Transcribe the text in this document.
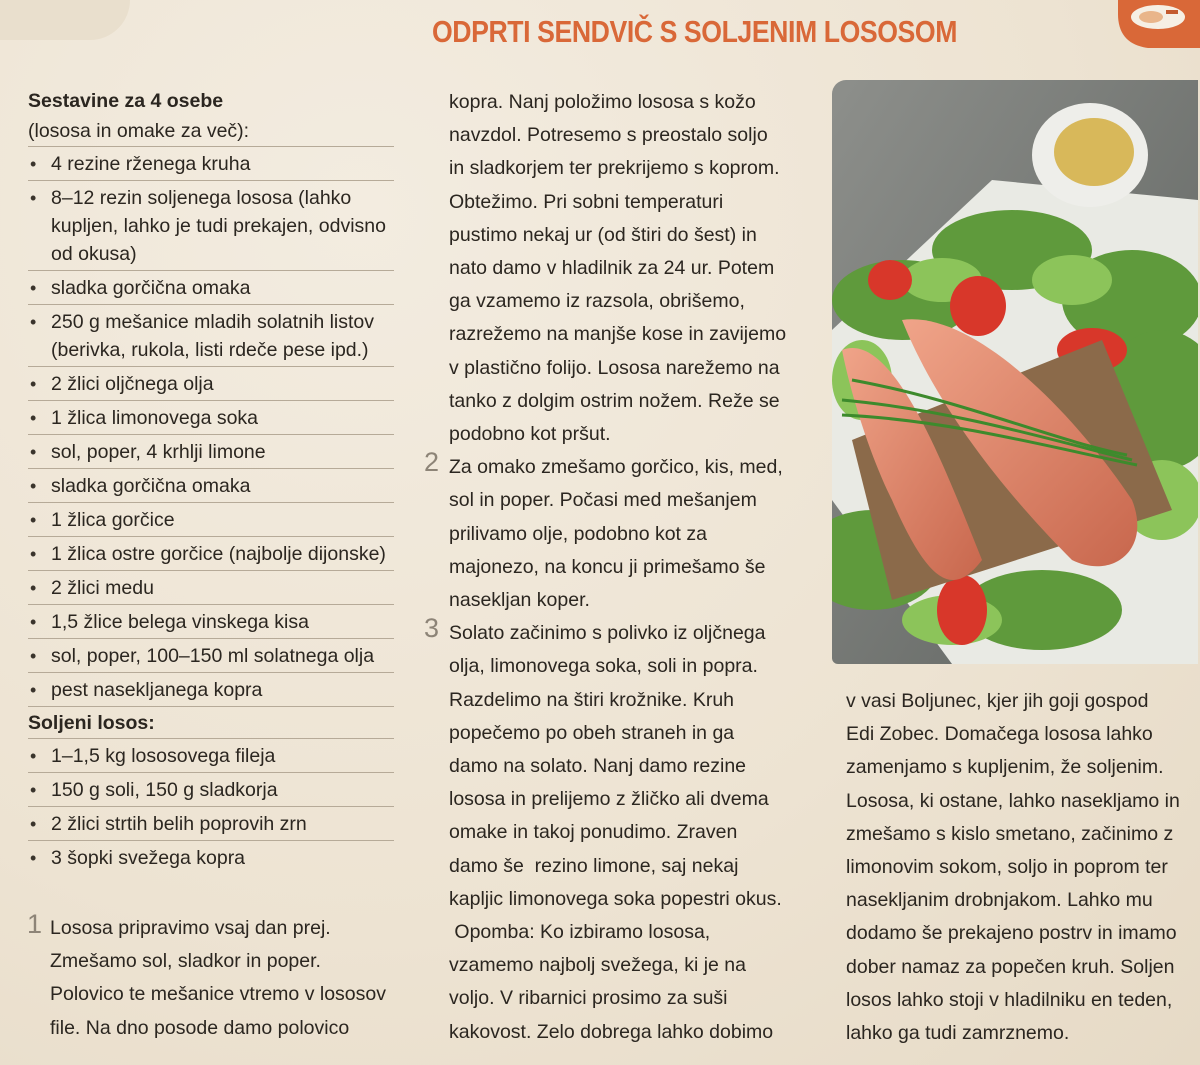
ODPRTI SENDVIČ S SOLJENIM LOSOSOM
Sestavine za 4 osebe
(lososa in omake za več):
• 4 rezine rženega kruha
• 8–12 rezin soljenega lososa (lahko kupljen, lahko je tudi prekajen, odvisno od okusa)
• sladka gorčična omaka
• 250 g mešanice mladih solatnih listov (berivka, rukola, listi rdeče pese ipd.)
• 2 žlici oljčnega olja
• 1 žlica limonovega soka
• sol, poper, 4 krhlji limone
• sladka gorčična omaka
• 1 žlica gorčice
• 1 žlica ostre gorčice (najbolje dijonske)
• 2 žlici medu
• 1,5 žlice belega vinskega kisa
• sol, poper, 100–150 ml solatnega olja
• pest nasekljanega kopra
Soljeni losos:
• 1–1,5 kg lososovega fileja
• 150 g soli, 150 g sladkorja
• 2 žlici strtih belih poprovih zrn
• 3 šopki svežega kopra
1 Lososa pripravimo vsaj dan prej.
Zmešamo sol, sladkor in poper.
Polovico te mešanice vtremo v lososov
file. Na dno posode damo polovico
2
3
kopra. Nanj položimo lososa s kožo
navzdol. Potresemo s preostalo soljo
in sladkorjem ter prekrijemo s koprom.
Obtežimo. Pri sobni temperaturi
pustimo nekaj ur (od štiri do šest) in
nato damo v hladilnik za 24 ur. Potem
ga vzamemo iz razsola, obrišemo,
razrežemo na manjše kose in zavijemo
v plastično folijo. Lososa narežemo na
tanko z dolgim ostrim nožem. Reže se
podobno kot pršut.
Za omako zmešamo gorčico, kis, med,
sol in poper. Počasi med mešanjem
prilivamo olje, podobno kot za
majonezo, na koncu ji primešamo še
nasekljan koper.
Solato začinimo s polivko iz oljčnega
olja, limonovega soka, soli in popra.
Razdelimo na štiri krožnike. Kruh
popečemo po obeh straneh in ga
damo na solato. Nanj damo rezine
lososa in prelijemo z žličko ali dvema
omake in takoj ponudimo. Zraven
damo še  rezino limone, saj nekaj
kapljic limonovega soka popestri okus.
Opomba: Ko izbiramo lososa,
vzamemo najbolj svežega, ki je na
voljo. V ribarnici prosimo za suši
kakovost. Zelo dobrega lahko dobimo
v vasi Boljunec, kjer jih goji gospod
Edi Zobec. Domačega lososa lahko
zamenjamo s kupljenim, že soljenim.
Lososa, ki ostane, lahko nasekljamo in
zmešamo s kislo smetano, začinimo z
limonovim sokom, soljo in poprom ter
nasekljanim drobnjakom. Lahko mu
dodamo še prekajeno postrv in imamo
dober namaz za popečen kruh. Soljen
losos lahko stoji v hladilniku en teden,
lahko ga tudi zamrznemo.
